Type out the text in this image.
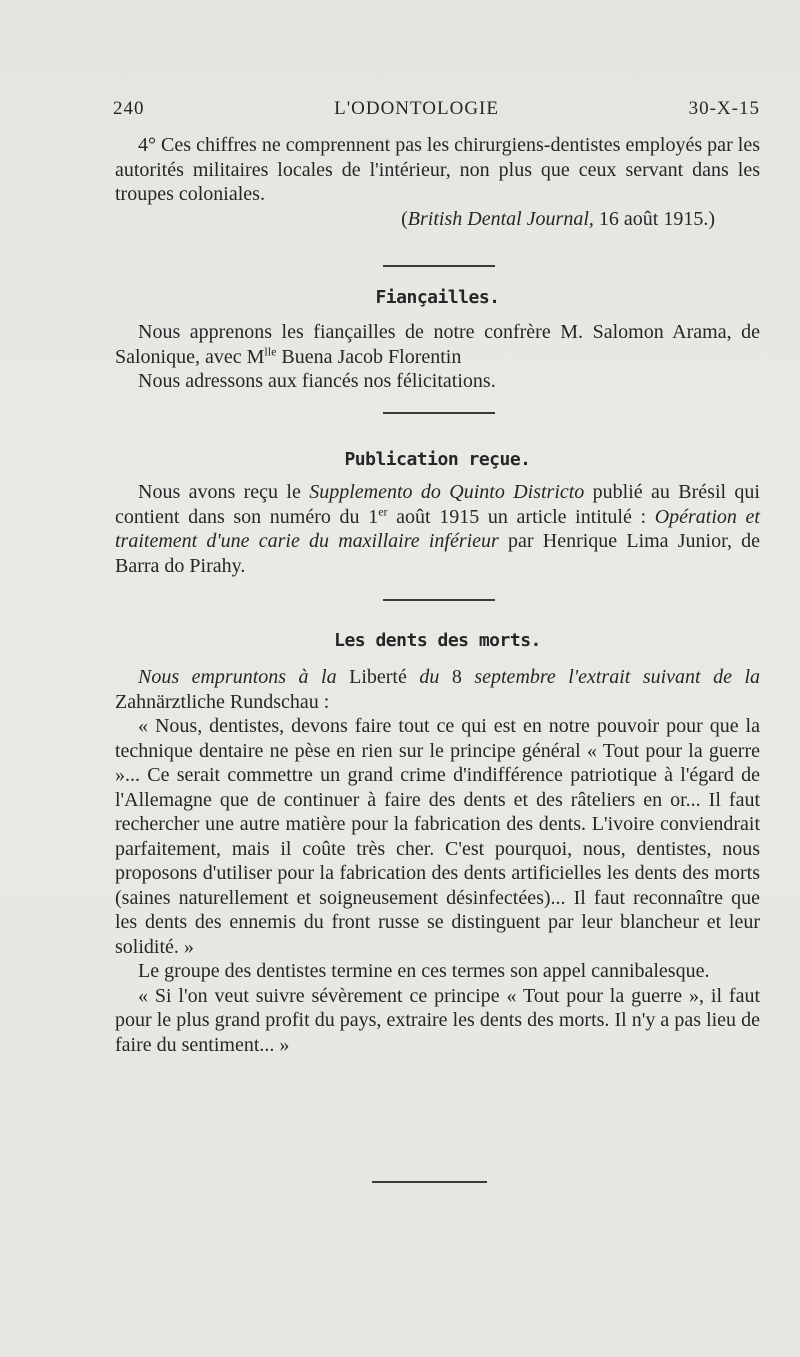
240	L'ODONTOLOGIE	30-X-15

4° Ces chiffres ne comprennent pas les chirurgiens-dentistes employés par les autorités militaires locales de l'intérieur, non plus que ceux servant dans les troupes coloniales.

(British Dental Journal, 16 août 1915.)

Fiançailles.

Nous apprenons les fiançailles de notre confrère M. Salomon Arama, de Salonique, avec $M^{lle}$ Buena Jacob Florentin

Nous adressons aux fiancés nos félicitations.

Publication reçue.

Nous avons reçu le Supplemento do Quinto Districto publié au Brésil qui contient dans son numéro du 1er août 1915 un article intitulé : Opération et traitement d'une carie du maxillaire inférieur par Henrique Lima Junior, de Barra do Pirahy.

Les dents des morts.

Nous empruntons à la Liberté du 8 septembre l'extrait suivant de la Zahnärztliche Rundschau :

« Nous, dentistes, devons faire tout ce qui est en notre pouvoir pour que la technique dentaire ne pèse en rien sur le principe général « Tout pour la guerre »... Ce serait commettre un grand crime d'indifférence patriotique à l'égard de l'Allemagne que de continuer à faire des dents et des râteliers en or... Il faut rechercher une autre matière pour la fabrication des dents. L'ivoire conviendrait parfaitement, mais il coûte très cher. C'est pourquoi, nous, dentistes, nous proposons d'utiliser pour la fabrication des dents artificielles les dents des morts (saines naturellement et soigneusement désinfectées)... Il faut reconnaître que les dents des ennemis du front russe se distinguent par leur blancheur et leur solidité. »

Le groupe des dentistes termine en ces termes son appel cannibalesque.

« Si l'on veut suivre sévèrement ce principe « Tout pour la guerre », il faut pour le plus grand profit du pays, extraire les dents des morts. Il n'y a pas lieu de faire du sentiment... »
